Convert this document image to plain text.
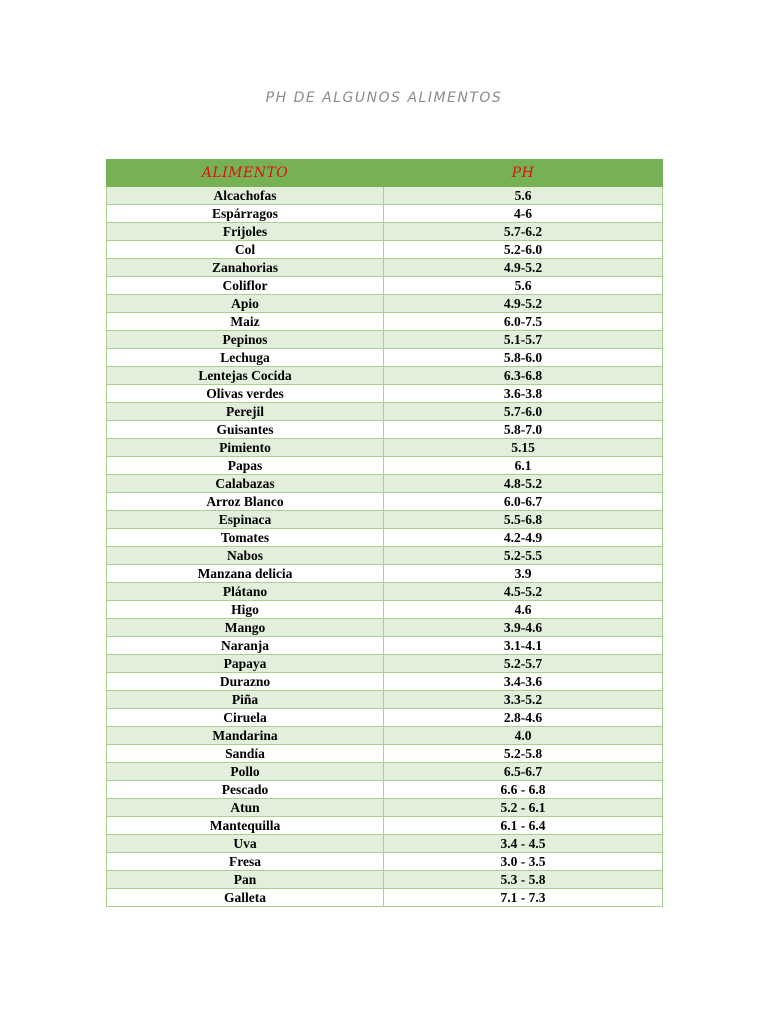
PH DE ALGUNOS ALIMENTOS
ALIMENTO	PH
Alcachofas	5.6
Espárragos	4-6
Frijoles	5.7-6.2
Col	5.2-6.0
Zanahorias	4.9-5.2
Coliflor	5.6
Apio	4.9-5.2
Maiz	6.0-7.5
Pepinos	5.1-5.7
Lechuga	5.8-6.0
Lentejas Cocida	6.3-6.8
Olivas verdes	3.6-3.8
Perejil	5.7-6.0
Guisantes	5.8-7.0
Pimiento	5.15
Papas	6.1
Calabazas	4.8-5.2
Arroz Blanco	6.0-6.7
Espinaca	5.5-6.8
Tomates	4.2-4.9
Nabos	5.2-5.5
Manzana delicia	3.9
Plátano	4.5-5.2
Higo	4.6
Mango	3.9-4.6
Naranja	3.1-4.1
Papaya	5.2-5.7
Durazno	3.4-3.6
Piña	3.3-5.2
Ciruela	2.8-4.6
Mandarina	4.0
Sandía	5.2-5.8
Pollo	6.5-6.7
Pescado	6.6 - 6.8
Atun	5.2 - 6.1
Mantequilla	6.1 - 6.4
Uva	3.4 - 4.5
Fresa	3.0 - 3.5
Pan	5.3 - 5.8
Galleta	7.1 - 7.3
